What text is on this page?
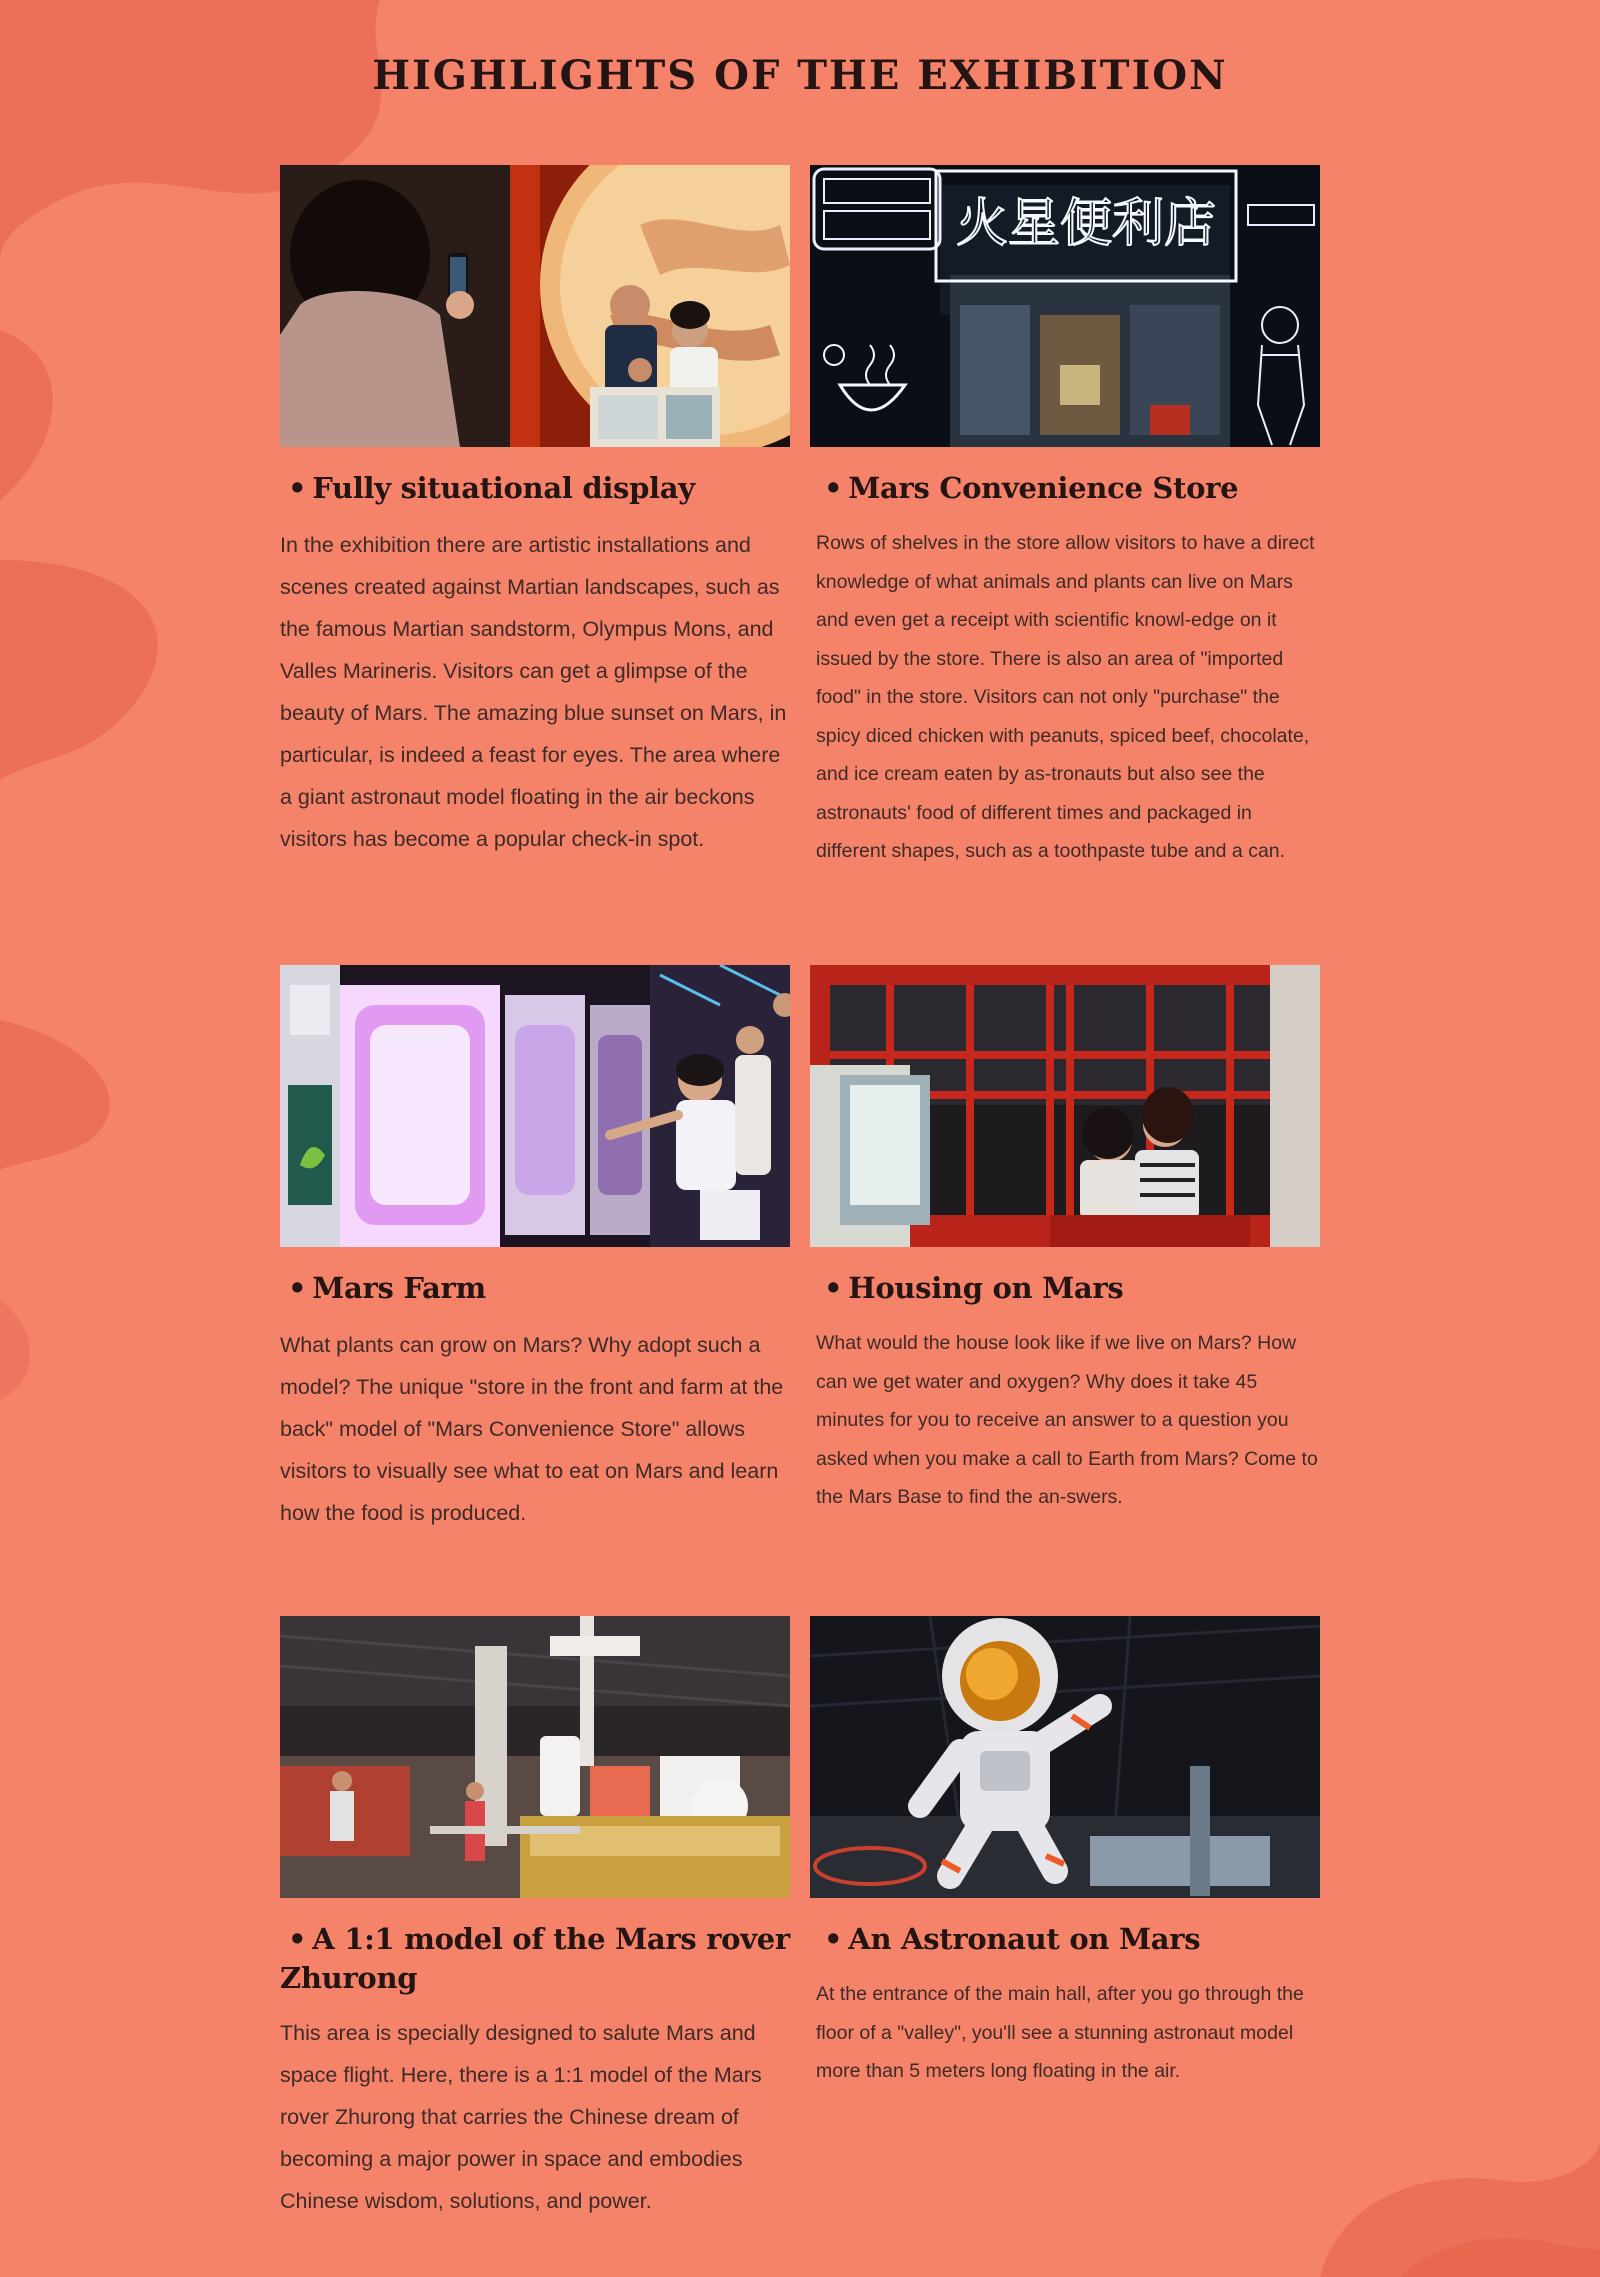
HIGHLIGHTS OF THE EXHIBITION
• Fully situational display

In the exhibition there are artistic installations and scenes created against Martian landscapes, such as the famous Martian sandstorm, Olympus Mons, and Valles Marineris. Visitors can get a glimpse of the beauty of Mars. The amazing blue sunset on Mars, in particular, is indeed a feast for eyes. The area where a giant astronaut model floating in the air beckons visitors has become a popular check-in spot.

火星便利店
• Mars Convenience Store

Rows of shelves in the store allow visitors to have a direct knowledge of what animals and plants can live on Mars and even get a receipt with scientific knowl-edge on it issued by the store. There is also an area of "imported food" in the store. Visitors can not only "purchase" the spicy diced chicken with peanuts, spiced beef, chocolate, and ice cream eaten by as-tronauts but also see the astronauts' food of different times and packaged in different shapes, such as a toothpaste tube and a can.

• Mars Farm

What plants can grow on Mars? Why adopt such a model? The unique "store in the front and farm at the back" model of "Mars Convenience Store" allows visitors to visually see what to eat on Mars and learn how the food is produced.

• Housing on Mars

What would the house look like if we live on Mars? How can we get water and oxygen? Why does it take 45 minutes for you to receive an answer to a question you asked when you make a call to Earth from Mars? Come to the Mars Base to find the an-swers.

• A 1:1 model of the Mars rover Zhurong

This area is specially designed to salute Mars and space flight. Here, there is a 1:1 model of the Mars rover Zhurong that carries the Chinese dream of becoming a major power in space and embodies Chinese wisdom, solutions, and power.

• An Astronaut on Mars

At the entrance of the main hall, after you go through the floor of a "valley", you'll see a stunning astronaut model more than 5 meters long floating in the air.
